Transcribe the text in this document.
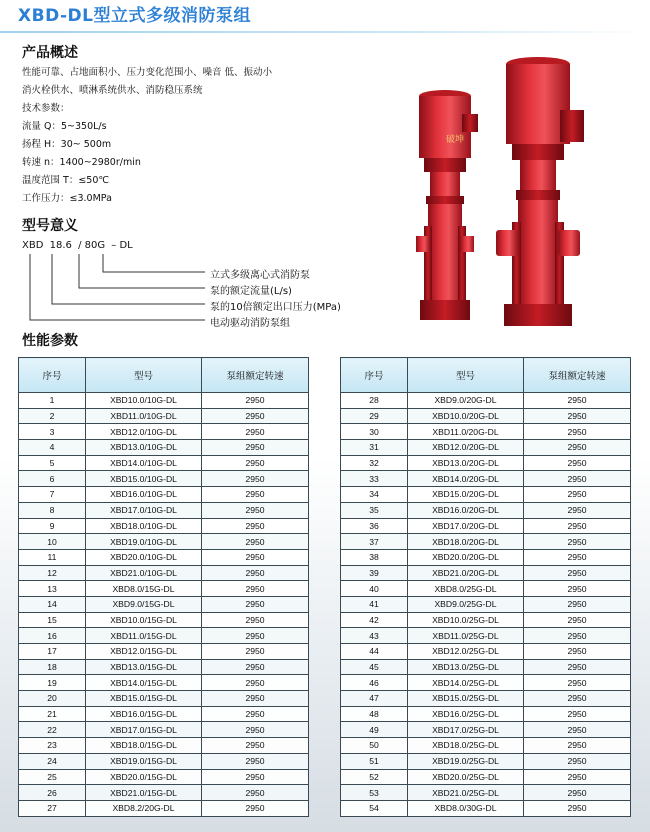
XBD-DL型立式多级消防泵组
产品概述
性能可靠、占地面积小、压力变化范围小、噪音 低、振动小
消火栓供水、喷淋系统供水、消防稳压系统
技术参数：
流量 Q：5~350L/s
扬程 H：30~ 500m
转速 n：1400~2980r/min
温度范围 T：≤50℃
工作压力：≤3.0MPa
型号意义
XBD 18.6 / 80G – DL
立式多级离心式消防泵
泵的额定流量(L/s)
泵的10倍额定出口压力(MPa)
电动驱动消防泵组
破坤
性能参数
序号	型号	泵组额定转速
1	XBD10.0/10G-DL	2950
2	XBD11.0/10G-DL	2950
3	XBD12.0/10G-DL	2950
4	XBD13.0/10G-DL	2950
5	XBD14.0/10G-DL	2950
6	XBD15.0/10G-DL	2950
7	XBD16.0/10G-DL	2950
8	XBD17.0/10G-DL	2950
9	XBD18.0/10G-DL	2950
10	XBD19.0/10G-DL	2950
11	XBD20.0/10G-DL	2950
12	XBD21.0/10G-DL	2950
13	XBD8.0/15G-DL	2950
14	XBD9.0/15G-DL	2950
15	XBD10.0/15G-DL	2950
16	XBD11.0/15G-DL	2950
17	XBD12.0/15G-DL	2950
18	XBD13.0/15G-DL	2950
19	XBD14.0/15G-DL	2950
20	XBD15.0/15G-DL	2950
21	XBD16.0/15G-DL	2950
22	XBD17.0/15G-DL	2950
23	XBD18.0/15G-DL	2950
24	XBD19.0/15G-DL	2950
25	XBD20.0/15G-DL	2950
26	XBD21.0/15G-DL	2950
27	XBD8.2/20G-DL	2950
序号	型号	泵组额定转速
28	XBD9.0/20G-DL	2950
29	XBD10.0/20G-DL	2950
30	XBD11.0/20G-DL	2950
31	XBD12.0/20G-DL	2950
32	XBD13.0/20G-DL	2950
33	XBD14.0/20G-DL	2950
34	XBD15.0/20G-DL	2950
35	XBD16.0/20G-DL	2950
36	XBD17.0/20G-DL	2950
37	XBD18.0/20G-DL	2950
38	XBD20.0/20G-DL	2950
39	XBD21.0/20G-DL	2950
40	XBD8.0/25G-DL	2950
41	XBD9.0/25G-DL	2950
42	XBD10.0/25G-DL	2950
43	XBD11.0/25G-DL	2950
44	XBD12.0/25G-DL	2950
45	XBD13.0/25G-DL	2950
46	XBD14.0/25G-DL	2950
47	XBD15.0/25G-DL	2950
48	XBD16.0/25G-DL	2950
49	XBD17.0/25G-DL	2950
50	XBD18.0/25G-DL	2950
51	XBD19.0/25G-DL	2950
52	XBD20.0/25G-DL	2950
53	XBD21.0/25G-DL	2950
54	XBD8.0/30G-DL	2950
